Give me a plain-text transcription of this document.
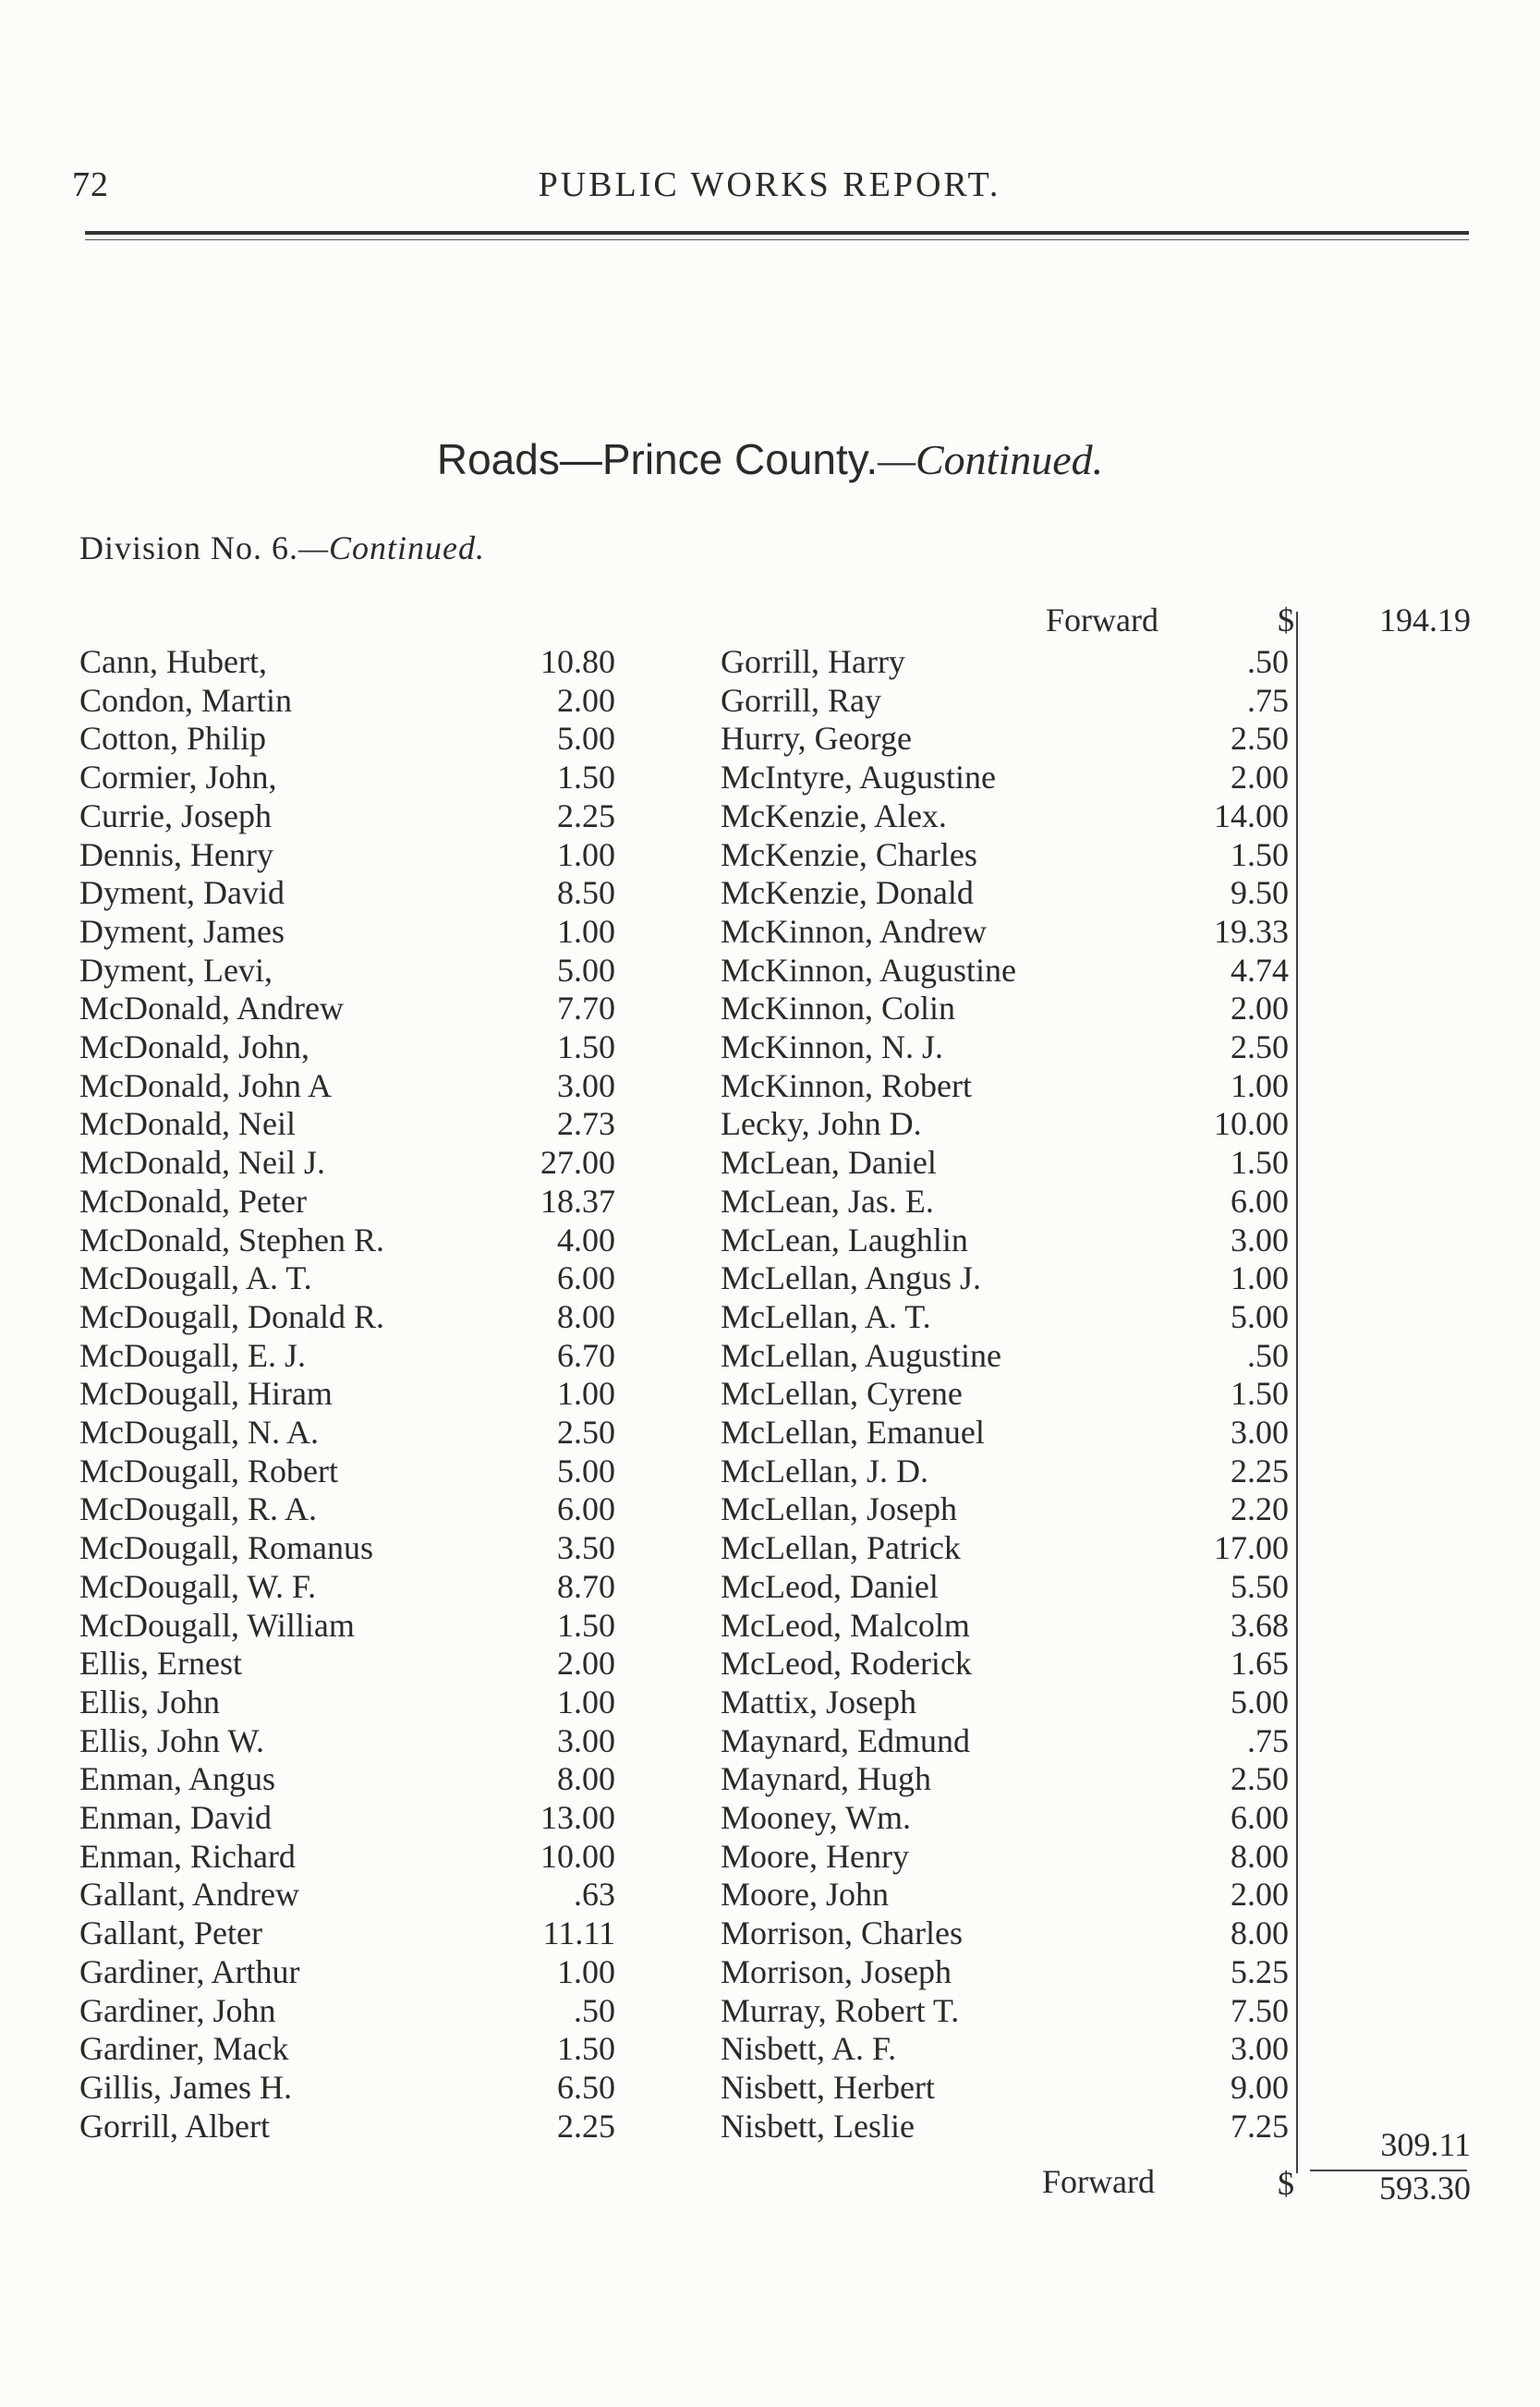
72	PUBLIC WORKS REPORT.
Roads—Prince County.—Continued.
Division No. 6.—Continued.
Forward	$	194.19
Cann, Hubert,	10.80
Condon, Martin	2.00
Cotton, Philip	5.00
Cormier, John,	1.50
Currie, Joseph	2.25
Dennis, Henry	1.00
Dyment, David	8.50
Dyment, James	1.00
Dyment, Levi,	5.00
McDonald, Andrew	7.70
McDonald, John,	1.50
McDonald, John A	3.00
McDonald, Neil	2.73
McDonald, Neil J.	27.00
McDonald, Peter	18.37
McDonald, Stephen R.	4.00
McDougall, A. T.	6.00
McDougall, Donald R.	8.00
McDougall, E. J.	6.70
McDougall, Hiram	1.00
McDougall, N. A.	2.50
McDougall, Robert	5.00
McDougall, R. A.	6.00
McDougall, Romanus	3.50
McDougall, W. F.	8.70
McDougall, William	1.50
Ellis, Ernest	2.00
Ellis, John	1.00
Ellis, John W.	3.00
Enman, Angus	8.00
Enman, David	13.00
Enman, Richard	10.00
Gallant, Andrew	.63
Gallant, Peter	11.11
Gardiner, Arthur	1.00
Gardiner, John	.50
Gardiner, Mack	1.50
Gillis, James H.	6.50
Gorrill, Albert	2.25
Gorrill, Harry	.50
Gorrill, Ray	.75
Hurry, George	2.50
McIntyre, Augustine	2.00
McKenzie, Alex.	14.00
McKenzie, Charles	1.50
McKenzie, Donald	9.50
McKinnon, Andrew	19.33
McKinnon, Augustine	4.74
McKinnon, Colin	2.00
McKinnon, N. J.	2.50
McKinnon, Robert	1.00
Lecky, John D.	10.00
McLean, Daniel	1.50
McLean, Jas. E.	6.00
McLean, Laughlin	3.00
McLellan, Angus J.	1.00
McLellan, A. T.	5.00
McLellan, Augustine	.50
McLellan, Cyrene	1.50
McLellan, Emanuel	3.00
McLellan, J. D.	2.25
McLellan, Joseph	2.20
McLellan, Patrick	17.00
McLeod, Daniel	5.50
McLeod, Malcolm	3.68
McLeod, Roderick	1.65
Mattix, Joseph	5.00
Maynard, Edmund	.75
Maynard, Hugh	2.50
Mooney, Wm.	6.00
Moore, Henry	8.00
Moore, John	2.00
Morrison, Charles	8.00
Morrison, Joseph	5.25
Murray, Robert T.	7.50
Nisbett, A. F.	3.00
Nisbett, Herbert	9.00
Nisbett, Leslie	7.25
309.11
Forward	$	593.30
